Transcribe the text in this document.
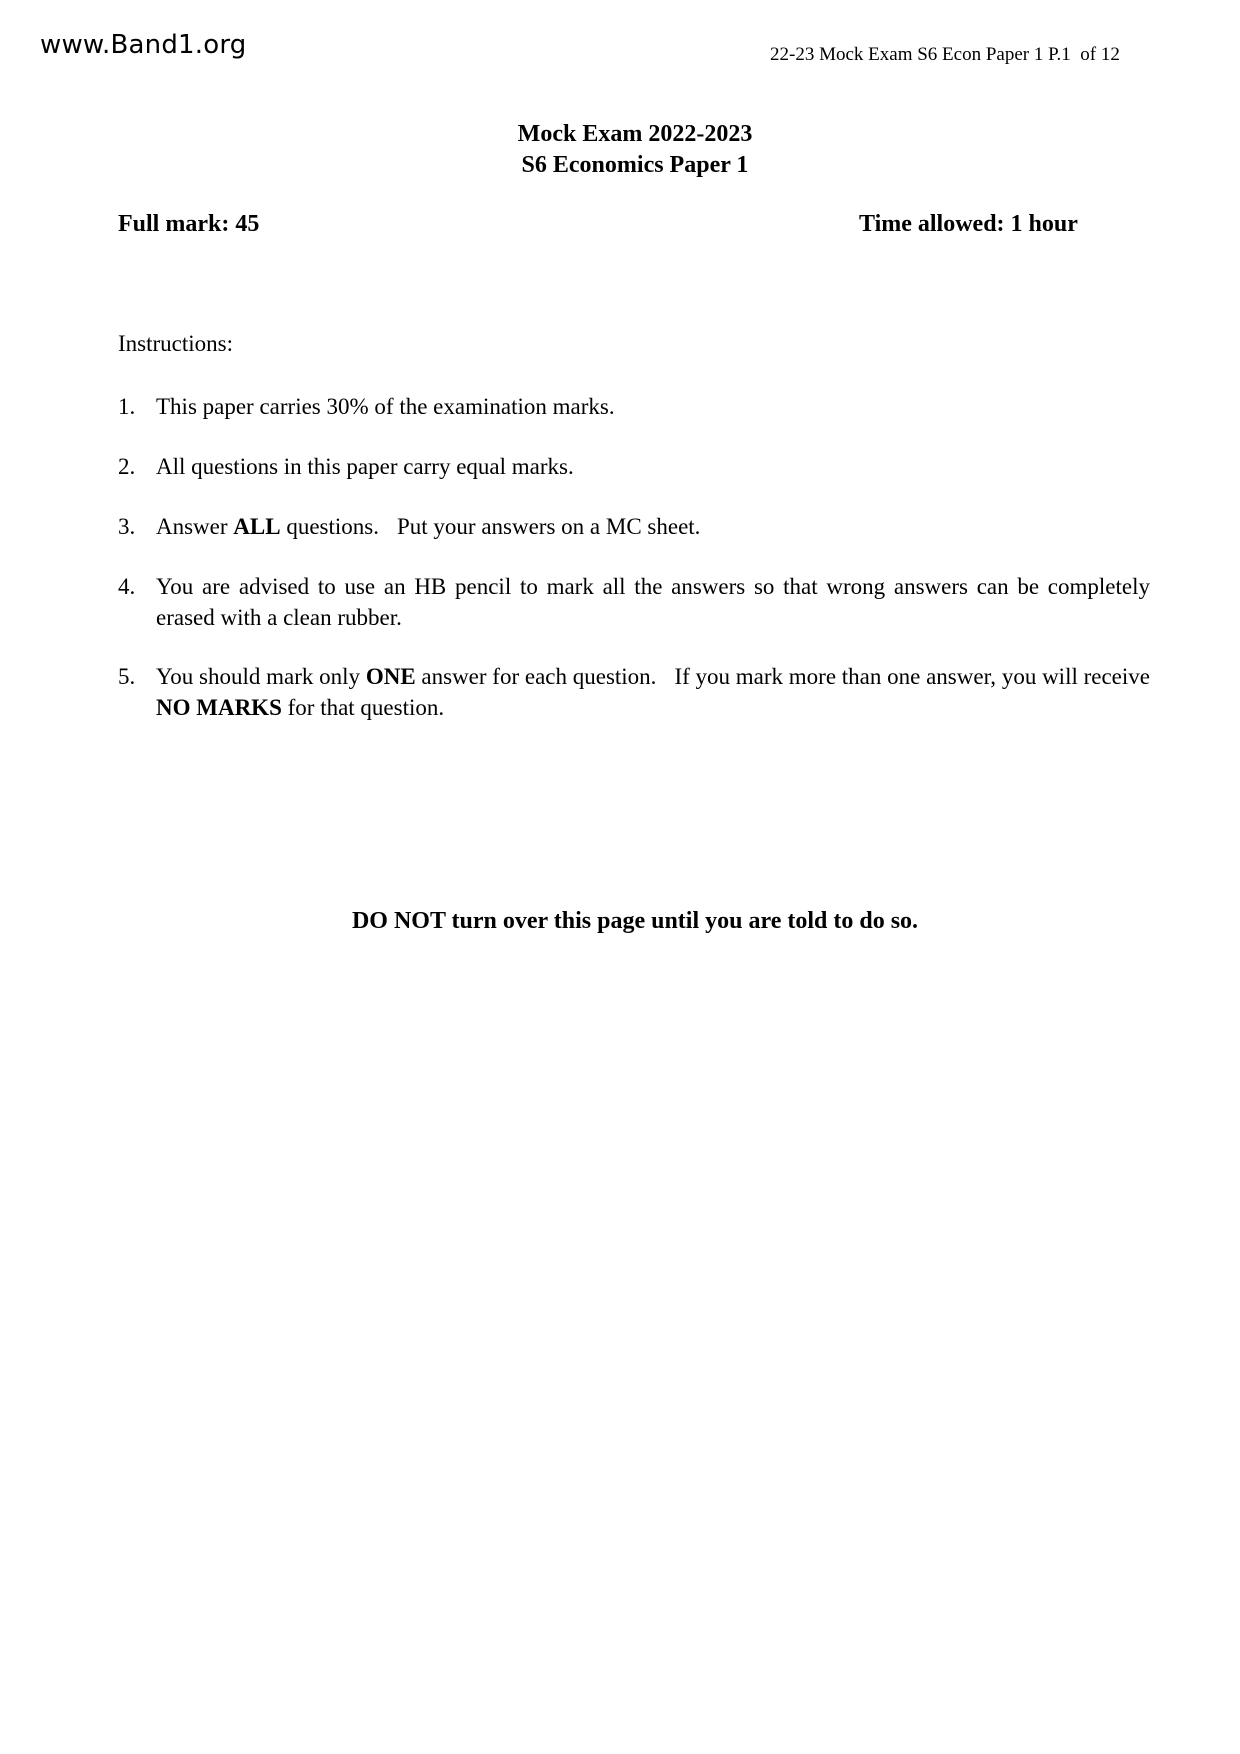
www.Band1.org	22-23 Mock Exam S6 Econ Paper 1 P.1  of 12
Mock Exam 2022-2023
S6 Economics Paper 1
Full mark: 45	Time allowed: 1 hour
Instructions:
1. This paper carries 30% of the examination marks.
2. All questions in this paper carry equal marks.
3. Answer ALL questions. Put your answers on a MC sheet.
4. You are advised to use an HB pencil to mark all the answers so that wrong answers can be completely erased with a clean rubber.
5. You should mark only ONE answer for each question. If you mark more than one answer, you will receive NO MARKS for that question.
DO NOT turn over this page until you are told to do so.
